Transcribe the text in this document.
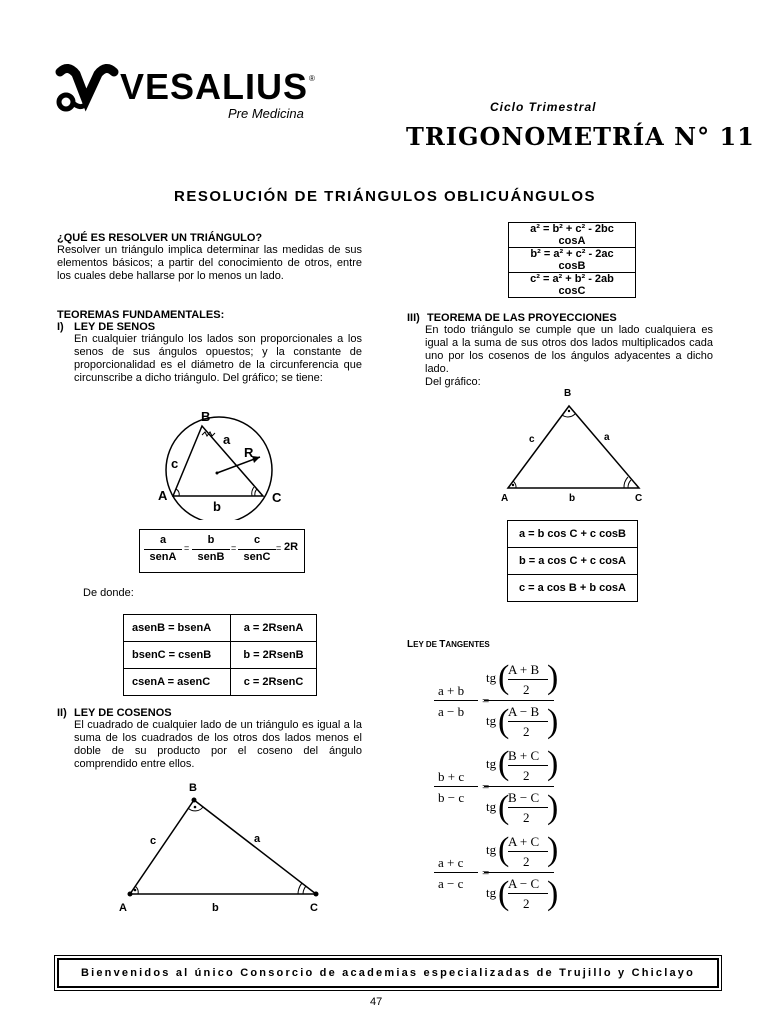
VESALIUS ®
Pre Medicina	Ciclo Trimestral
TRIGONOMETRÍA N° 11
RESOLUCIÓN DE TRIÁNGULOS OBLICUÁNGULOS
¿QUÉ ES RESOLVER UN TRIÁNGULO?
Resolver un triángulo implica determinar las medidas de sus elementos básicos; a partir del conocimiento de otros, entre los cuales debe hallarse por lo menos un lado.
a² = b² + c² - 2bc cosA
b² = a² + c² - 2ac cosB
c² = a² + b² - 2ab cosC
TEOREMAS FUNDAMENTALES:
I) LEY DE SENOS
En cualquier triángulo los lados son proporcionales a los senos de sus ángulos opuestos; y la constante de proporcionalidad es el diámetro de la circunferencia que circunscribe a dicho triángulo. Del gráfico; se tiene:
B
a
c
R
A	C
b
a
senA
=
b
senB
=
c
senC
= 2R
De donde:
asenB = bsenA	a = 2RsenA
bsenC = csenB	b = 2RsenB
csenA = asenC	c = 2RsenC
II) LEY DE COSENOS
El cuadrado de cualquier lado de un triángulo es igual a la suma de los cuadrados de los otros dos lados menos el doble de su producto por el coseno del ángulo comprendido entre ellos.
B
c	a
A	b	C
III) TEOREMA DE LAS PROYECCIONES
En todo triángulo se cumple que un lado cualquiera es igual a la suma de sus otros dos lados multiplicados cada uno por los cosenos de los ángulos adyacentes a dicho lado.
Del gráfico:
B
c	a
A	b	C
a = b cos C + c cosB
b = a cos C + c cosA
c = a cos B + b cosA
LEY DE TANGENTES
a + b
a − b
=
tg (
A + B
2 )
tg (
A − B
2 )
b + c
b − c
=
tg (
B + C
2 )
tg (
B − C
2 )
a + c
a − c
=
tg (
A + C
2 )
tg (
A − C
2 )
Bienvenidos al único Consorcio de academias especializadas de Trujillo y Chiclayo
47
